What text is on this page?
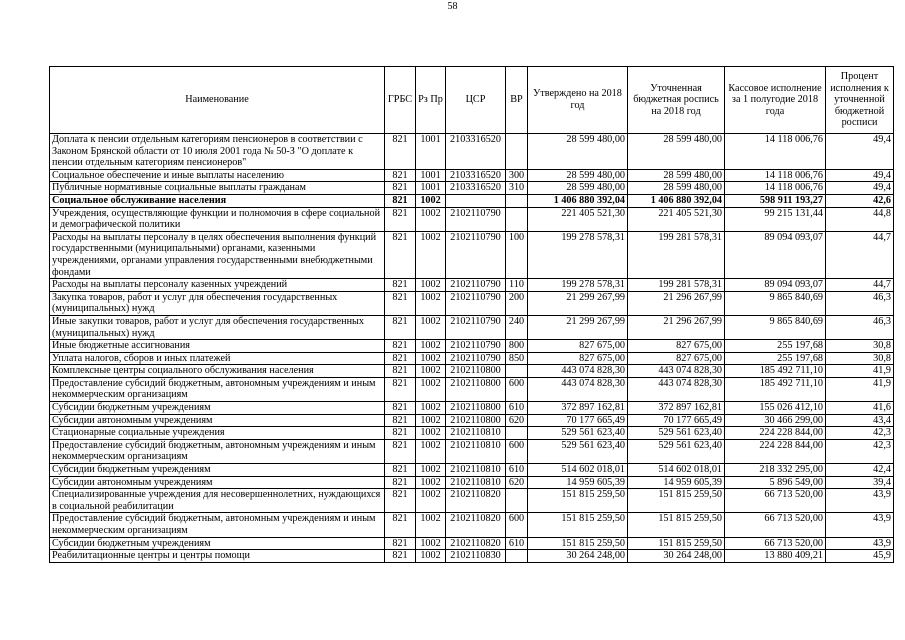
58
Наименование	ГРБС	Рз Пр	ЦСР	ВР	Утверждено на 2018 год	Уточненная бюджетная роспись на 2018 год	Кассовое исполнение за 1 полугодие 2018 года	Процент исполнения к уточненной бюджетной росписи
Доплата к пенсии отдельным категориям пенсионеров в соответствии с Законом Брянской области от 10 июля 2001 года № 50-З "О доплате к пенсии отдельным категориям пенсионеров"	821	1001	2103316520		28 599 480,00	28 599 480,00	14 118 006,76	49,4
Социальное обеспечение и иные выплаты населению	821	1001	2103316520	300	28 599 480,00	28 599 480,00	14 118 006,76	49,4
Публичные нормативные социальные выплаты гражданам	821	1001	2103316520	310	28 599 480,00	28 599 480,00	14 118 006,76	49,4
Социальное обслуживание населения	821	1002			1 406 880 392,04	1 406 880 392,04	598 911 193,27	42,6
Учреждения, осуществляющие функции и полномочия в сфере социальной и демографической политики	821	1002	2102110790		221 405 521,30	221 405 521,30	99 215 131,44	44,8
Расходы на выплаты персоналу в целях обеспечения выполнения функций государственными (муниципальными) органами, казенными учреждениями, органами управления государственными внебюджетными фондами	821	1002	2102110790	100	199 278 578,31	199 281 578,31	89 094 093,07	44,7
Расходы на выплаты персоналу казенных учреждений	821	1002	2102110790	110	199 278 578,31	199 281 578,31	89 094 093,07	44,7
Закупка товаров, работ и услуг для обеспечения государственных (муниципальных) нужд	821	1002	2102110790	200	21 299 267,99	21 296 267,99	9 865 840,69	46,3
Иные закупки товаров, работ и услуг для обеспечения государственных (муниципальных) нужд	821	1002	2102110790	240	21 299 267,99	21 296 267,99	9 865 840,69	46,3
Иные бюджетные ассигнования	821	1002	2102110790	800	827 675,00	827 675,00	255 197,68	30,8
Уплата налогов, сборов и иных платежей	821	1002	2102110790	850	827 675,00	827 675,00	255 197,68	30,8
Комплексные центры социального обслуживания населения	821	1002	2102110800		443 074 828,30	443 074 828,30	185 492 711,10	41,9
Предоставление субсидий бюджетным, автономным учреждениям и иным некоммерческим организациям	821	1002	2102110800	600	443 074 828,30	443 074 828,30	185 492 711,10	41,9
Субсидии бюджетным учреждениям	821	1002	2102110800	610	372 897 162,81	372 897 162,81	155 026 412,10	41,6
Субсидии автономным учреждениям	821	1002	2102110800	620	70 177 665,49	70 177 665,49	30 466 299,00	43,4
Стационарные социальные учреждения	821	1002	2102110810		529 561 623,40	529 561 623,40	224 228 844,00	42,3
Предоставление субсидий бюджетным, автономным учреждениям и иным некоммерческим организациям	821	1002	2102110810	600	529 561 623,40	529 561 623,40	224 228 844,00	42,3
Субсидии бюджетным учреждениям	821	1002	2102110810	610	514 602 018,01	514 602 018,01	218 332 295,00	42,4
Субсидии автономным учреждениям	821	1002	2102110810	620	14 959 605,39	14 959 605,39	5 896 549,00	39,4
Специализированные учреждения для несовершеннолетних, нуждающихся в социальной реабилитации	821	1002	2102110820		151 815 259,50	151 815 259,50	66 713 520,00	43,9
Предоставление субсидий бюджетным, автономным учреждениям и иным некоммерческим организациям	821	1002	2102110820	600	151 815 259,50	151 815 259,50	66 713 520,00	43,9
Субсидии бюджетным учреждениям	821	1002	2102110820	610	151 815 259,50	151 815 259,50	66 713 520,00	43,9
Реабилитационные центры и центры помощи	821	1002	2102110830		30 264 248,00	30 264 248,00	13 880 409,21	45,9
